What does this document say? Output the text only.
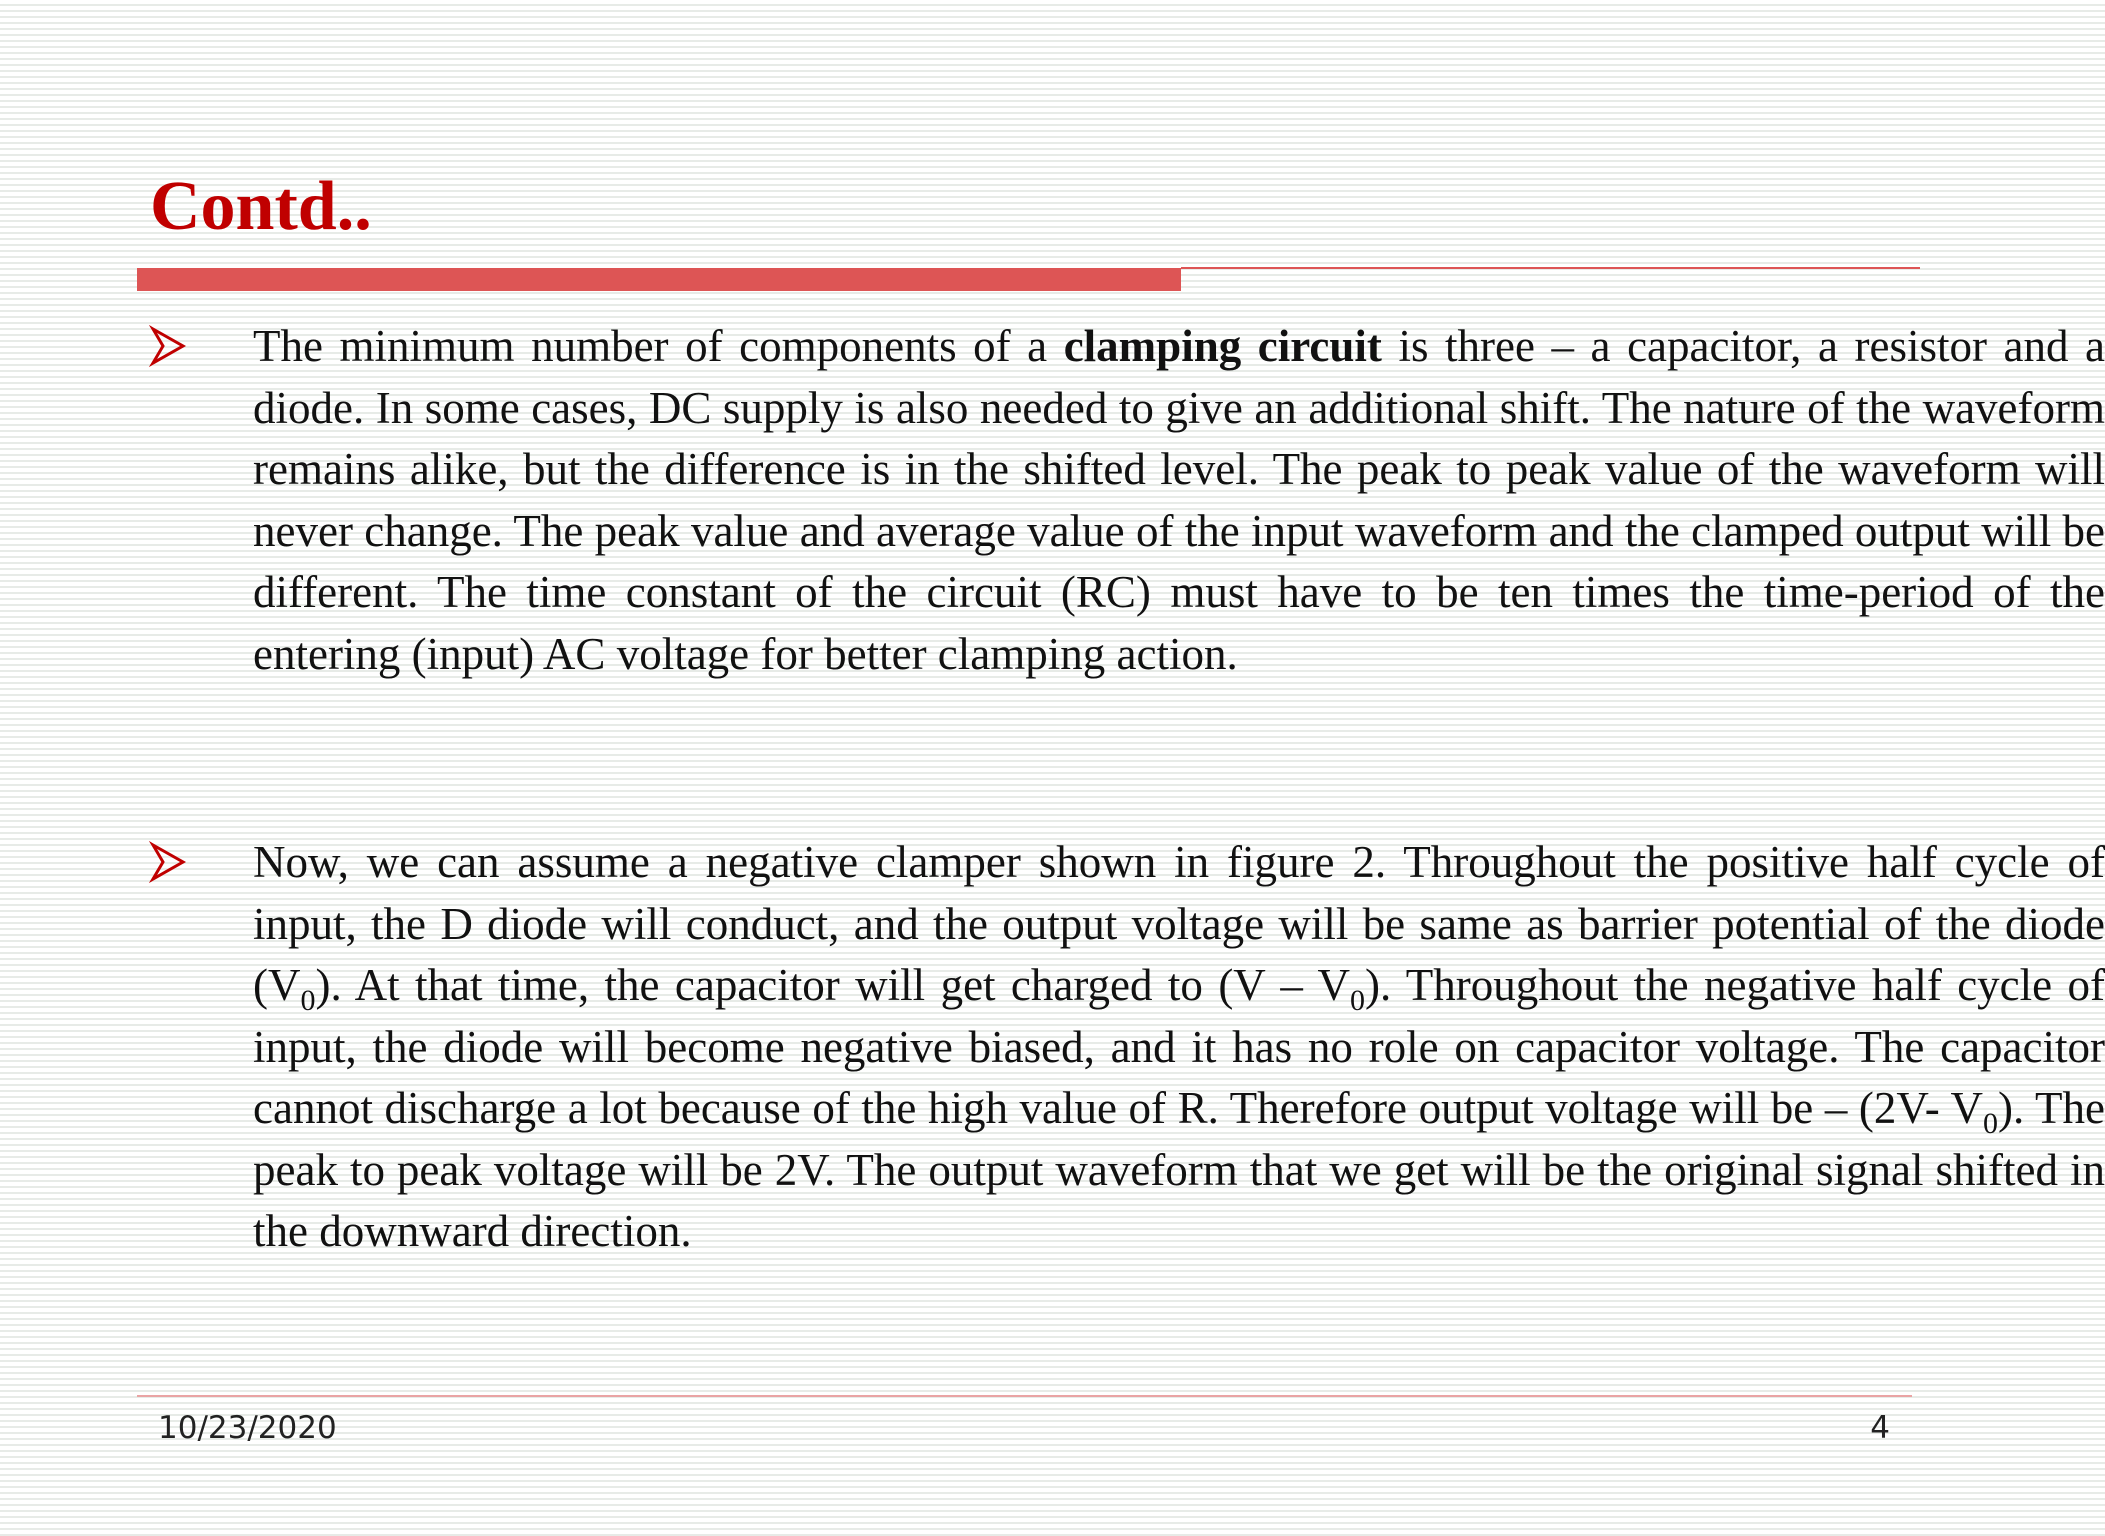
Contd..

The minimum number of components of a clamping circuit is three – a capacitor, a resistor and a diode. In some cases, DC supply is also needed to give an additional shift. The nature of the waveform remains alike, but the difference is in the shifted level. The peak to peak value of the waveform will never change. The peak value and average value of the input waveform and the clamped output will be different. The time constant of the circuit (RC) must have to be ten times the time-period of the entering (input) AC voltage for better clamping action.

Now, we can assume a negative clamper shown in figure 2. Throughout the positive half cycle of input, the D diode will conduct, and the output voltage will be same as barrier potential of the diode $(V_0)$. At that time, the capacitor will get charged to $(V - V_0)$. Throughout the negative half cycle of input, the diode will become negative biased, and it has no role on capacitor voltage. The capacitor cannot discharge a lot because of the high value of R. Therefore output voltage will be – (2V- $V_0$). The peak to peak voltage will be 2V. The output waveform that we get will be the original signal shifted in the downward direction.

10/23/2020	4
